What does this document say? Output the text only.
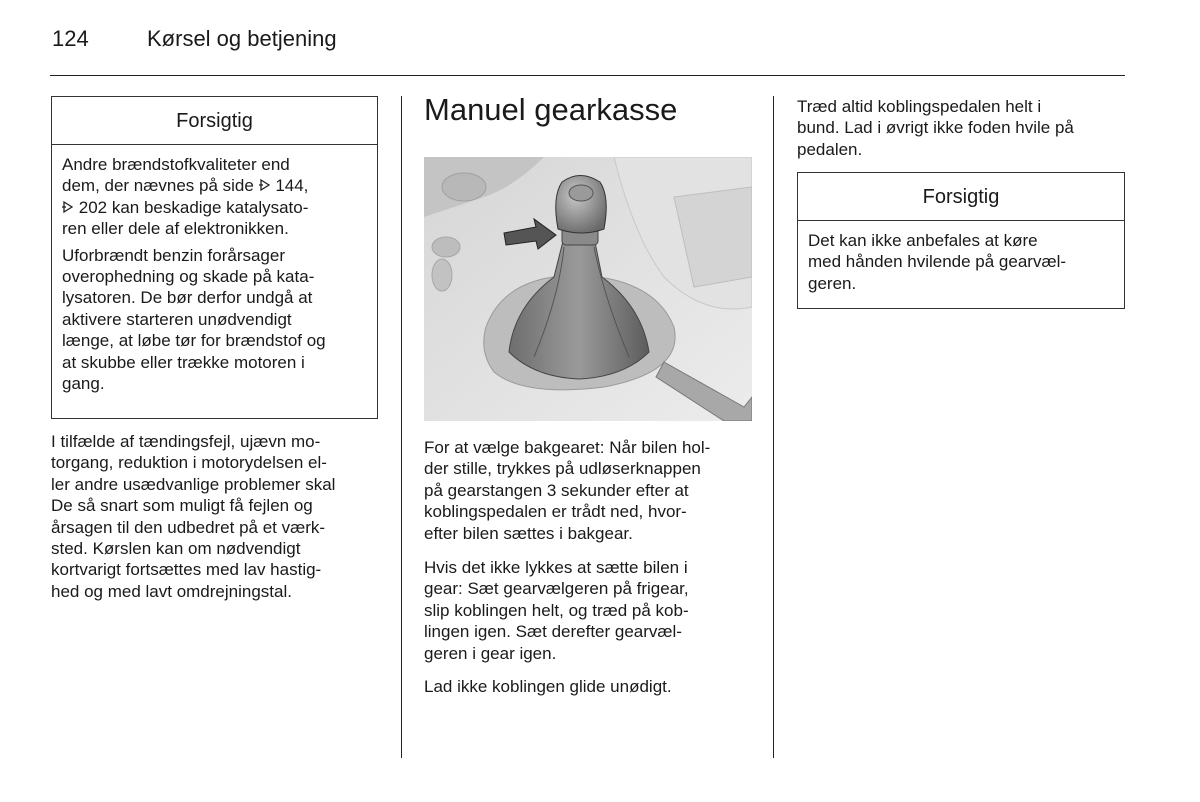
124	Kørsel og betjening
Forsigtig

Andre brændstofkvaliteter end
dem, der nævnes på side 144,
202 kan beskadige katalysato-
ren eller dele af elektronikken.

Uforbrændt benzin forårsager
overophedning og skade på kata-
lysatoren. De bør derfor undgå at
aktivere starteren unødvendigt
længe, at løbe tør for brændstof og
at skubbe eller trække motoren i
gang.

I tilfælde af tændingsfejl, ujævn mo-
torgang, reduktion i motorydelsen el-
ler andre usædvanlige problemer skal
De så snart som muligt få fejlen og
årsagen til den udbedret på et værk-
sted. Kørslen kan om nødvendigt
kortvarigt fortsættes med lav hastig-
hed og med lavt omdrejningstal.

Manuel gearkasse

For at vælge bakgearet: Når bilen hol-
der stille, trykkes på udløserknappen
på gearstangen 3 sekunder efter at
koblingspedalen er trådt ned, hvor-
efter bilen sættes i bakgear.

Hvis det ikke lykkes at sætte bilen i
gear: Sæt gearvælgeren på frigear,
slip koblingen helt, og træd på kob-
lingen igen. Sæt derefter gearvæl-
geren i gear igen.

Lad ikke koblingen glide unødigt.

Træd altid koblingspedalen helt i
bund. Lad i øvrigt ikke foden hvile på
pedalen.

Forsigtig

Det kan ikke anbefales at køre
med hånden hvilende på gearvæl-
geren.
